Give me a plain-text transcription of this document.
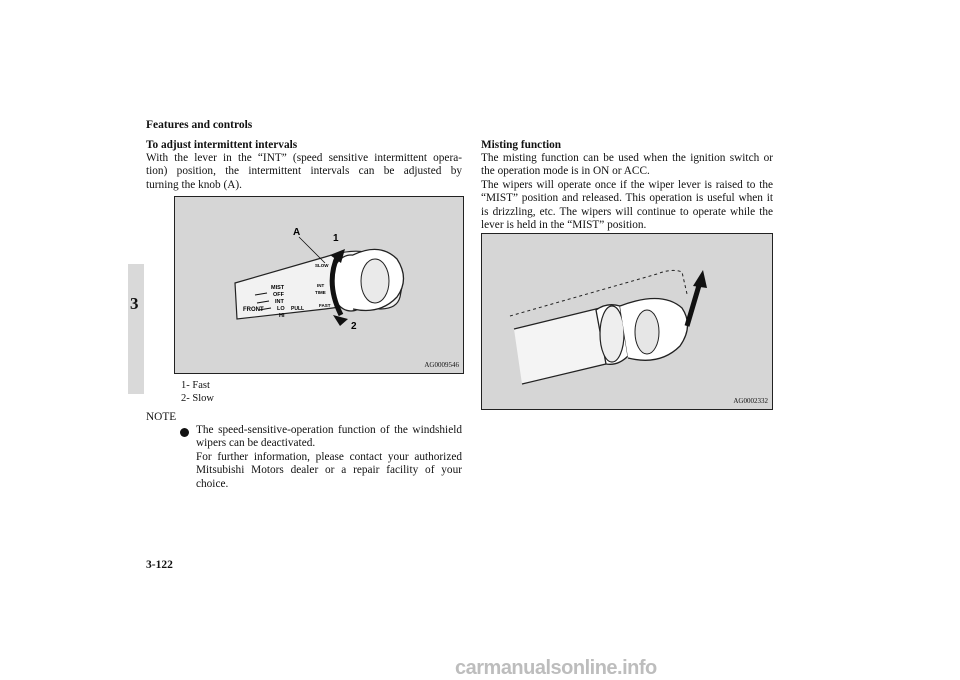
Features and controls
3
To adjust intermittent intervals
With the lever in the “INT” (speed sensitive intermittent opera-
tion) position, the intermittent intervals can be adjusted by
turning the knob (A).
A
1
2
FRONT
MIST
OFF
INT
LO
HI
PULL
SLOW
INT
TIME
FAST
AG0009546
1- Fast
2- Slow
NOTE
The speed-sensitive-operation function of the windshield
wipers can be deactivated.
For further information, please contact your authorized
Mitsubishi Motors dealer or a repair facility of your
choice.
Misting function
The misting function can be used when the ignition switch or
the operation mode is in ON or ACC.
The wipers will operate once if the wiper lever is raised to the
“MIST” position and released. This operation is useful when it
is drizzling, etc. The wipers will continue to operate while the
lever is held in the “MIST” position.
AG0002332
3-122
carmanualsonline.info
